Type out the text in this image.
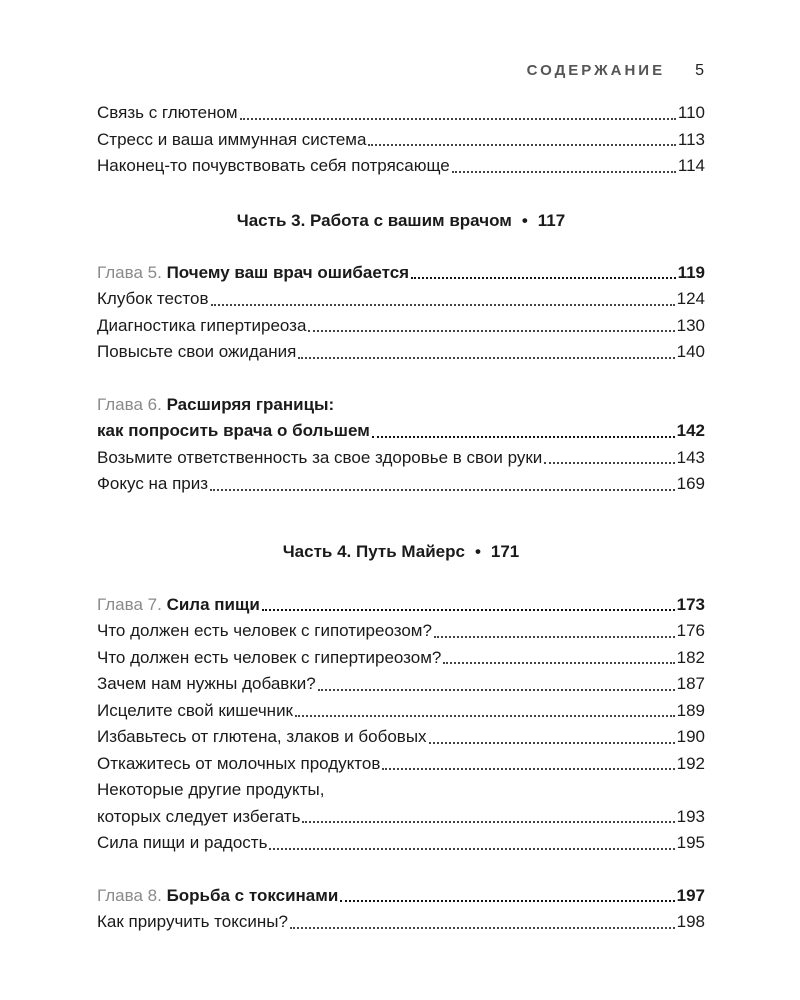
СОДЕРЖАНИЕ 5
Связь с глютеном	110
Стресс и ваша иммунная система	113
Наконец-то почувствовать себя потрясающе	114
Часть 3. Работа с вашим врачом • 117
Глава 5. Почему ваш врач ошибается	119
Клубок тестов	124
Диагностика гипертиреоза	130
Повысьте свои ожидания	140
Глава 6. Расширяя границы:
как попросить врача о большем	142
Возьмите ответственность за свое здоровье в свои руки	143
Фокус на приз	169
Часть 4. Путь Майерс • 171
Глава 7. Сила пищи	173
Что должен есть человек с гипотиреозом?	176
Что должен есть человек с гипертиреозом?	182
Зачем нам нужны добавки?	187
Исцелите свой кишечник	189
Избавьтесь от глютена, злаков и бобовых	190
Откажитесь от молочных продуктов	192
Некоторые другие продукты,
которых следует избегать	193
Сила пищи и радость	195
Глава 8. Борьба с токсинами	197
Как приручить токсины?	198
